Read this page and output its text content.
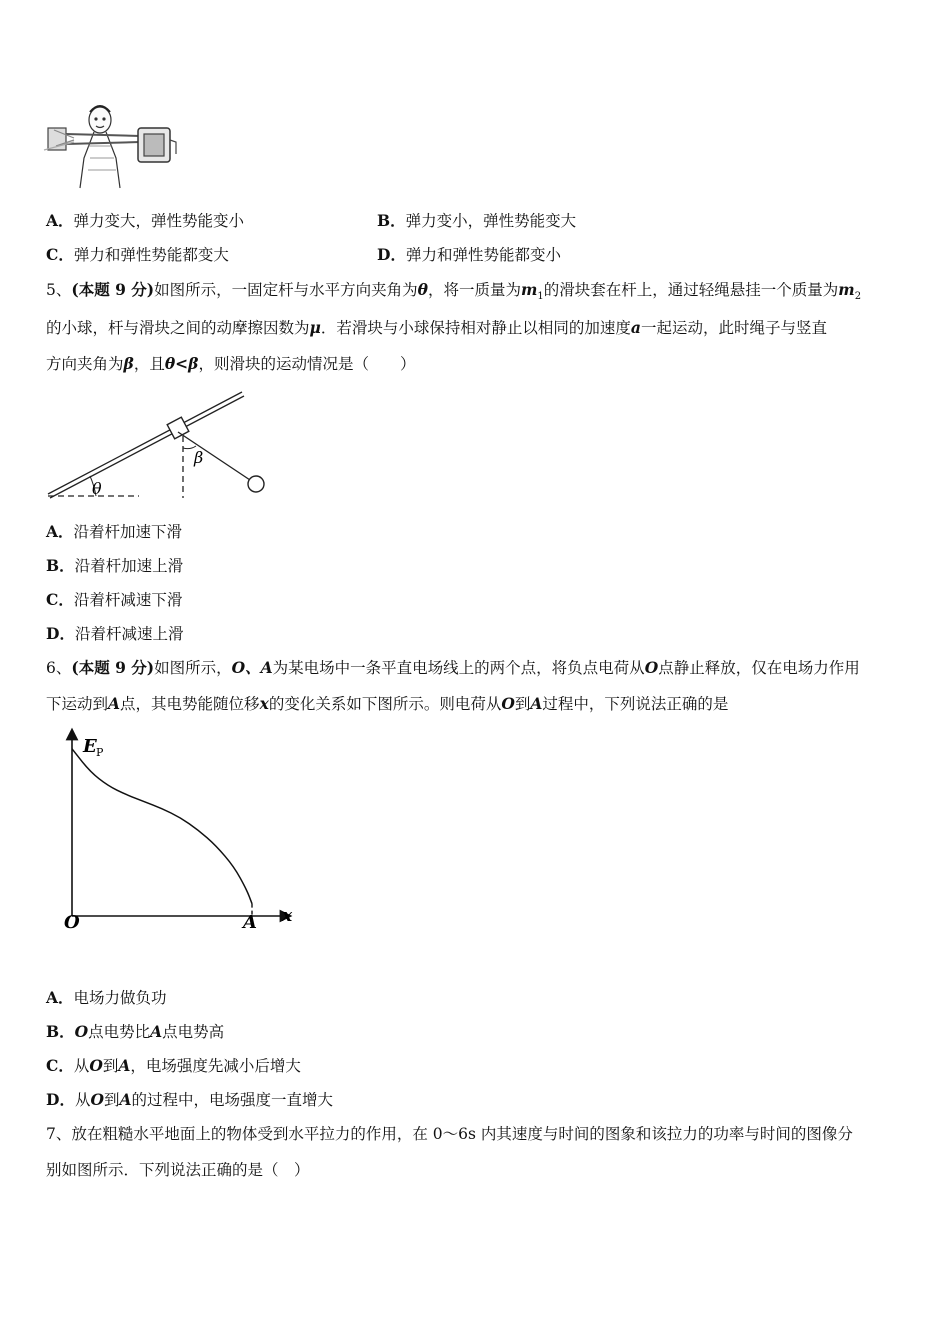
A．弹力变大，弹性势能变小	B．弹力变小，弹性势能变大
C．弹力和弹性势能都变大	D．弹力和弹性势能都变小
5、(本题 9 分)如图所示，一固定杆与水平方向夹角为θ，将一质量为$m_1$的滑块套在杆上，通过轻绳悬挂一个质量为$m_2$
的小球，杆与滑块之间的动摩擦因数为μ．若滑块与小球保持相对静止以相同的加速度a一起运动，此时绳子与竖直
方向夹角为β，且θ<β，则滑块的运动情况是（　　）
θ
β
A．沿着杆加速下滑
B．沿着杆加速上滑
C．沿着杆减速下滑
D．沿着杆减速上滑
6、(本题 9 分)如图所示，O、A为某电场中一条平直电场线上的两个点，将负点电荷从O点静止释放，仅在电场力作用
下运动到A点，其电势能随位移x的变化关系如下图所示。则电荷从O到A过程中，下列说法正确的是
E P
x
O	A
A．电场力做负功
B．O点电势比A点电势高
C．从O到A，电场强度先减小后增大
D．从O到A的过程中，电场强度一直增大
7、放在粗糙水平地面上的物体受到水平拉力的作用，在 0～6s 内其速度与时间的图象和该拉力的功率与时间的图像分
别如图所示．下列说法正确的是（　）
